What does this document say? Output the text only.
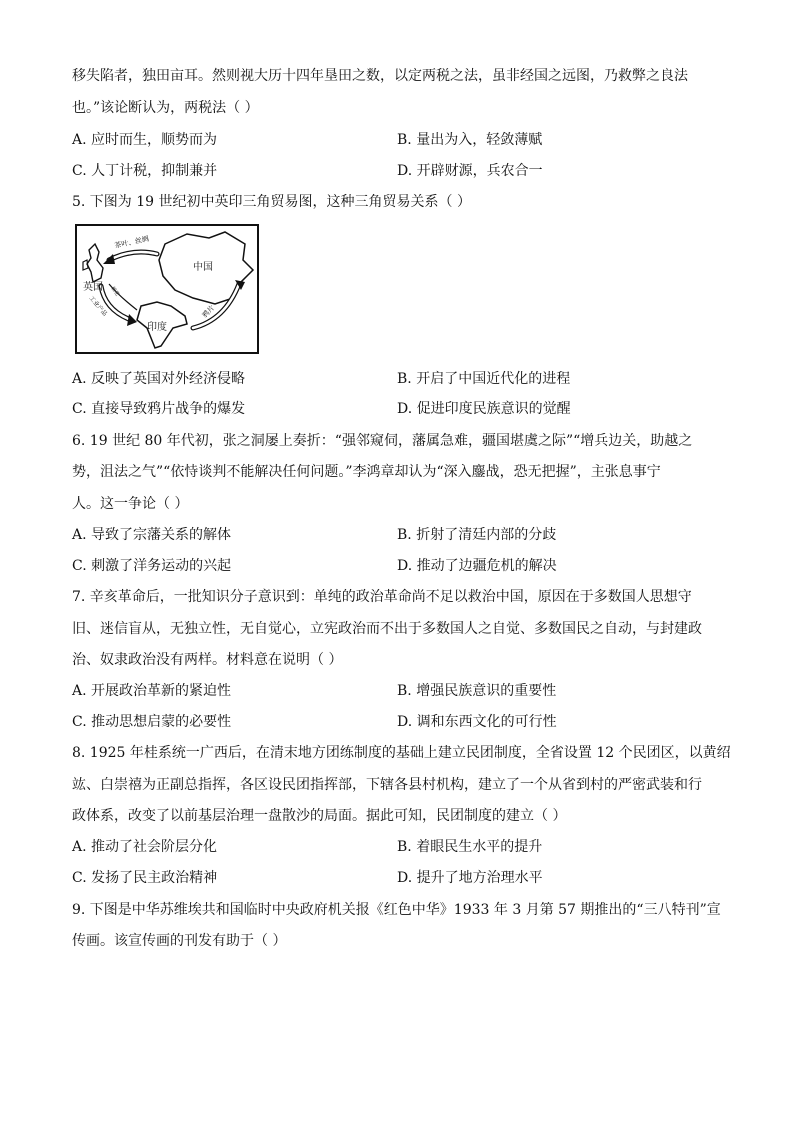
移失陷者，独田亩耳。然则视大历十四年垦田之数，以定两税之法，虽非经国之远图，乃救弊之良法
也。”该论断认为，两税法（ ）
A. 应时而生，顺势而为	B. 量出为入，轻敛薄赋
C. 人丁计税，抑制兼并	D. 开辟财源，兵农合一
5. 下图为 19 世纪初中英印三角贸易图，这种三角贸易关系（ ）
中国
英国
印度
茶叶、丝绸
鸦片
棉花
工业产品
A. 反映了英国对外经济侵略	B. 开启了中国近代化的进程
C. 直接导致鸦片战争的爆发	D. 促进印度民族意识的觉醒
6. 19 世纪 80 年代初，张之洞屡上奏折：“强邻窥伺，藩属急难，疆国堪虞之际”“增兵边关，助越之
势，沮法之气”“依恃谈判不能解决任何问题。”李鸿章却认为“深入鏖战，恐无把握”，主张息事宁
人。这一争论（ ）
A. 导致了宗藩关系的解体	B. 折射了清廷内部的分歧
C. 刺激了洋务运动的兴起	D. 推动了边疆危机的解决
7. 辛亥革命后，一批知识分子意识到：单纯的政治革命尚不足以救治中国，原因在于多数国人思想守
旧、迷信盲从，无独立性，无自觉心，立宪政治而不出于多数国人之自觉、多数国民之自动，与封建政
治、奴隶政治没有两样。材料意在说明（ ）
A. 开展政治革新的紧迫性	B. 增强民族意识的重要性
C. 推动思想启蒙的必要性	D. 调和东西文化的可行性
8. 1925 年桂系统一广西后，在清末地方团练制度的基础上建立民团制度，全省设置 12 个民团区，以黄绍
竑、白崇禧为正副总指挥，各区设民团指挥部，下辖各县村机构，建立了一个从省到村的严密武装和行
政体系，改变了以前基层治理一盘散沙的局面。据此可知，民团制度的建立（ ）
A. 推动了社会阶层分化	B. 着眼民生水平的提升
C. 发扬了民主政治精神	D. 提升了地方治理水平
9. 下图是中华苏维埃共和国临时中央政府机关报《红色中华》1933 年 3 月第 57 期推出的“三八特刊”宣
传画。该宣传画的刊发有助于（ ）
